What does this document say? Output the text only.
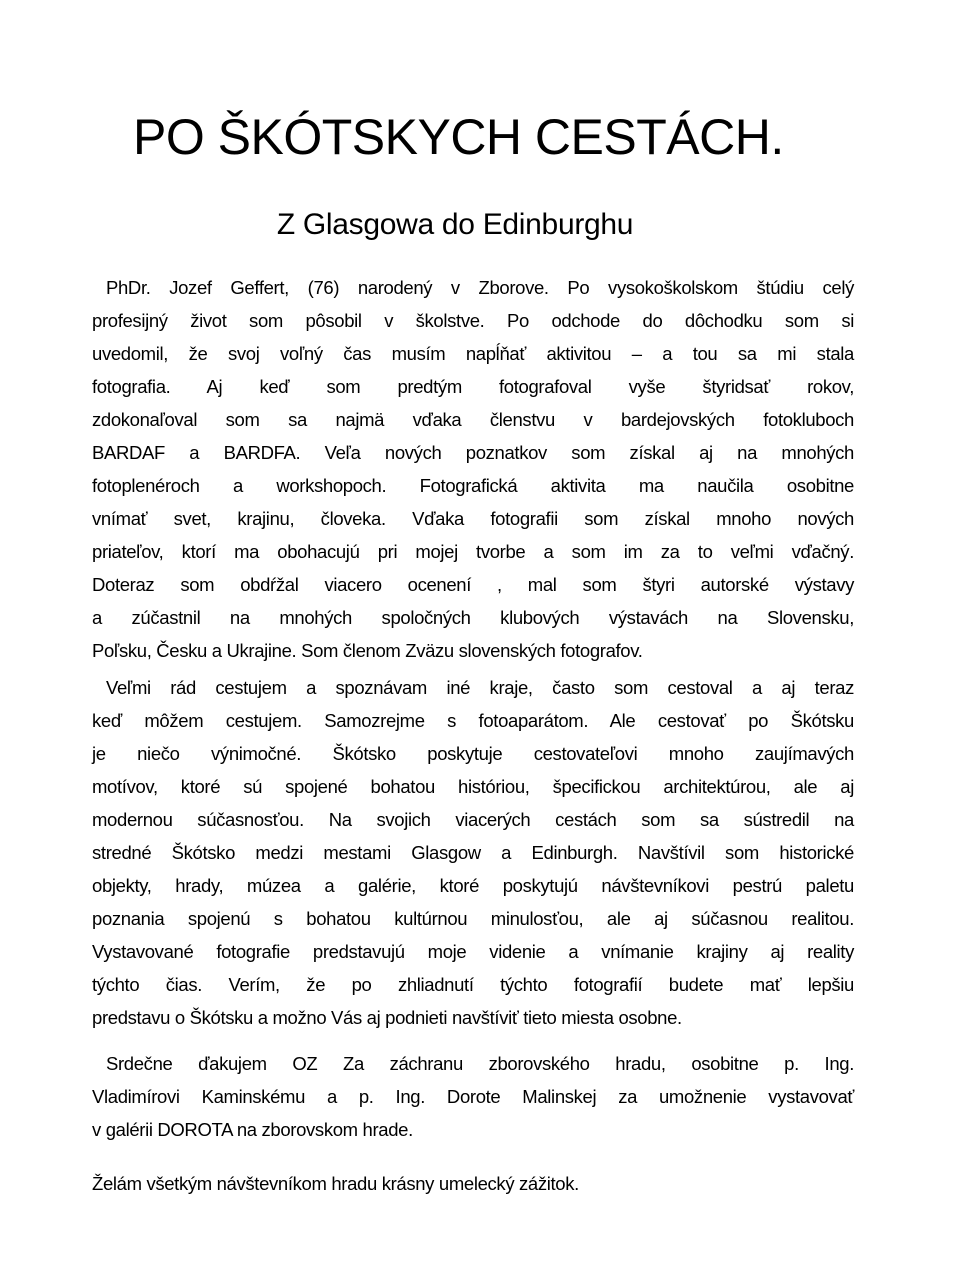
PO ŠKÓTSKYCH CESTÁCH.
Z Glasgowa do Edinburghu
PhDr. Jozef Geffert, (76) narodený v Zborove. Po vysokoškolskom štúdiu celý
profesijný život som pôsobil v školstve. Po odchode do dôchodku som si
uvedomil, že svoj voľný čas musím napĺňať aktivitou – a tou sa mi stala
fotografia. Aj keď som predtým fotografoval vyše štyridsať rokov,
zdokonaľoval som sa najmä vďaka členstvu v bardejovských fotokluboch
BARDAF a BARDFA. Veľa nových poznatkov som získal aj na mnohých
fotoplenéroch a workshopoch. Fotografická aktivita ma naučila osobitne
vnímať svet, krajinu, človeka. Vďaka fotografii som získal mnoho nových
priateľov, ktorí ma obohacujú pri mojej tvorbe a som im za to veľmi vďačný.
Doteraz som obdŕžal viacero ocenení , mal som štyri autorské výstavy
a zúčastnil na mnohých spoločných klubových výstavách na Slovensku,
Poľsku, Česku a Ukrajine. Som členom Zväzu slovenských fotografov.
Veľmi rád cestujem a spoznávam iné kraje, často som cestoval a aj teraz
keď môžem cestujem. Samozrejme s fotoaparátom. Ale cestovať po Škótsku
je niečo výnimočné. Škótsko poskytuje cestovateľovi mnoho zaujímavých
motívov, ktoré sú spojené bohatou históriou, špecifickou architektúrou, ale aj
modernou súčasnosťou. Na svojich viacerých cestách som sa sústredil na
stredné Škótsko medzi mestami Glasgow a Edinburgh. Navštívil som historické
objekty, hrady, múzea a galérie, ktoré poskytujú návštevníkovi pestrú paletu
poznania spojenú s bohatou kultúrnou minulosťou, ale aj súčasnou realitou.
Vystavované fotografie predstavujú moje videnie a vnímanie krajiny aj reality
týchto čias. Verím, že po zhliadnutí týchto fotografií budete mať lepšiu
predstavu o Škótsku a možno Vás aj podnieti navštíviť tieto miesta osobne.
Srdečne ďakujem OZ Za záchranu zborovského hradu, osobitne p. Ing.
Vladimírovi Kaminskému a p. Ing. Dorote Malinskej za umožnenie vystavovať
v galérii DOROTA na zborovskom hrade.
Želám všetkým návštevníkom hradu krásny umelecký zážitok.
